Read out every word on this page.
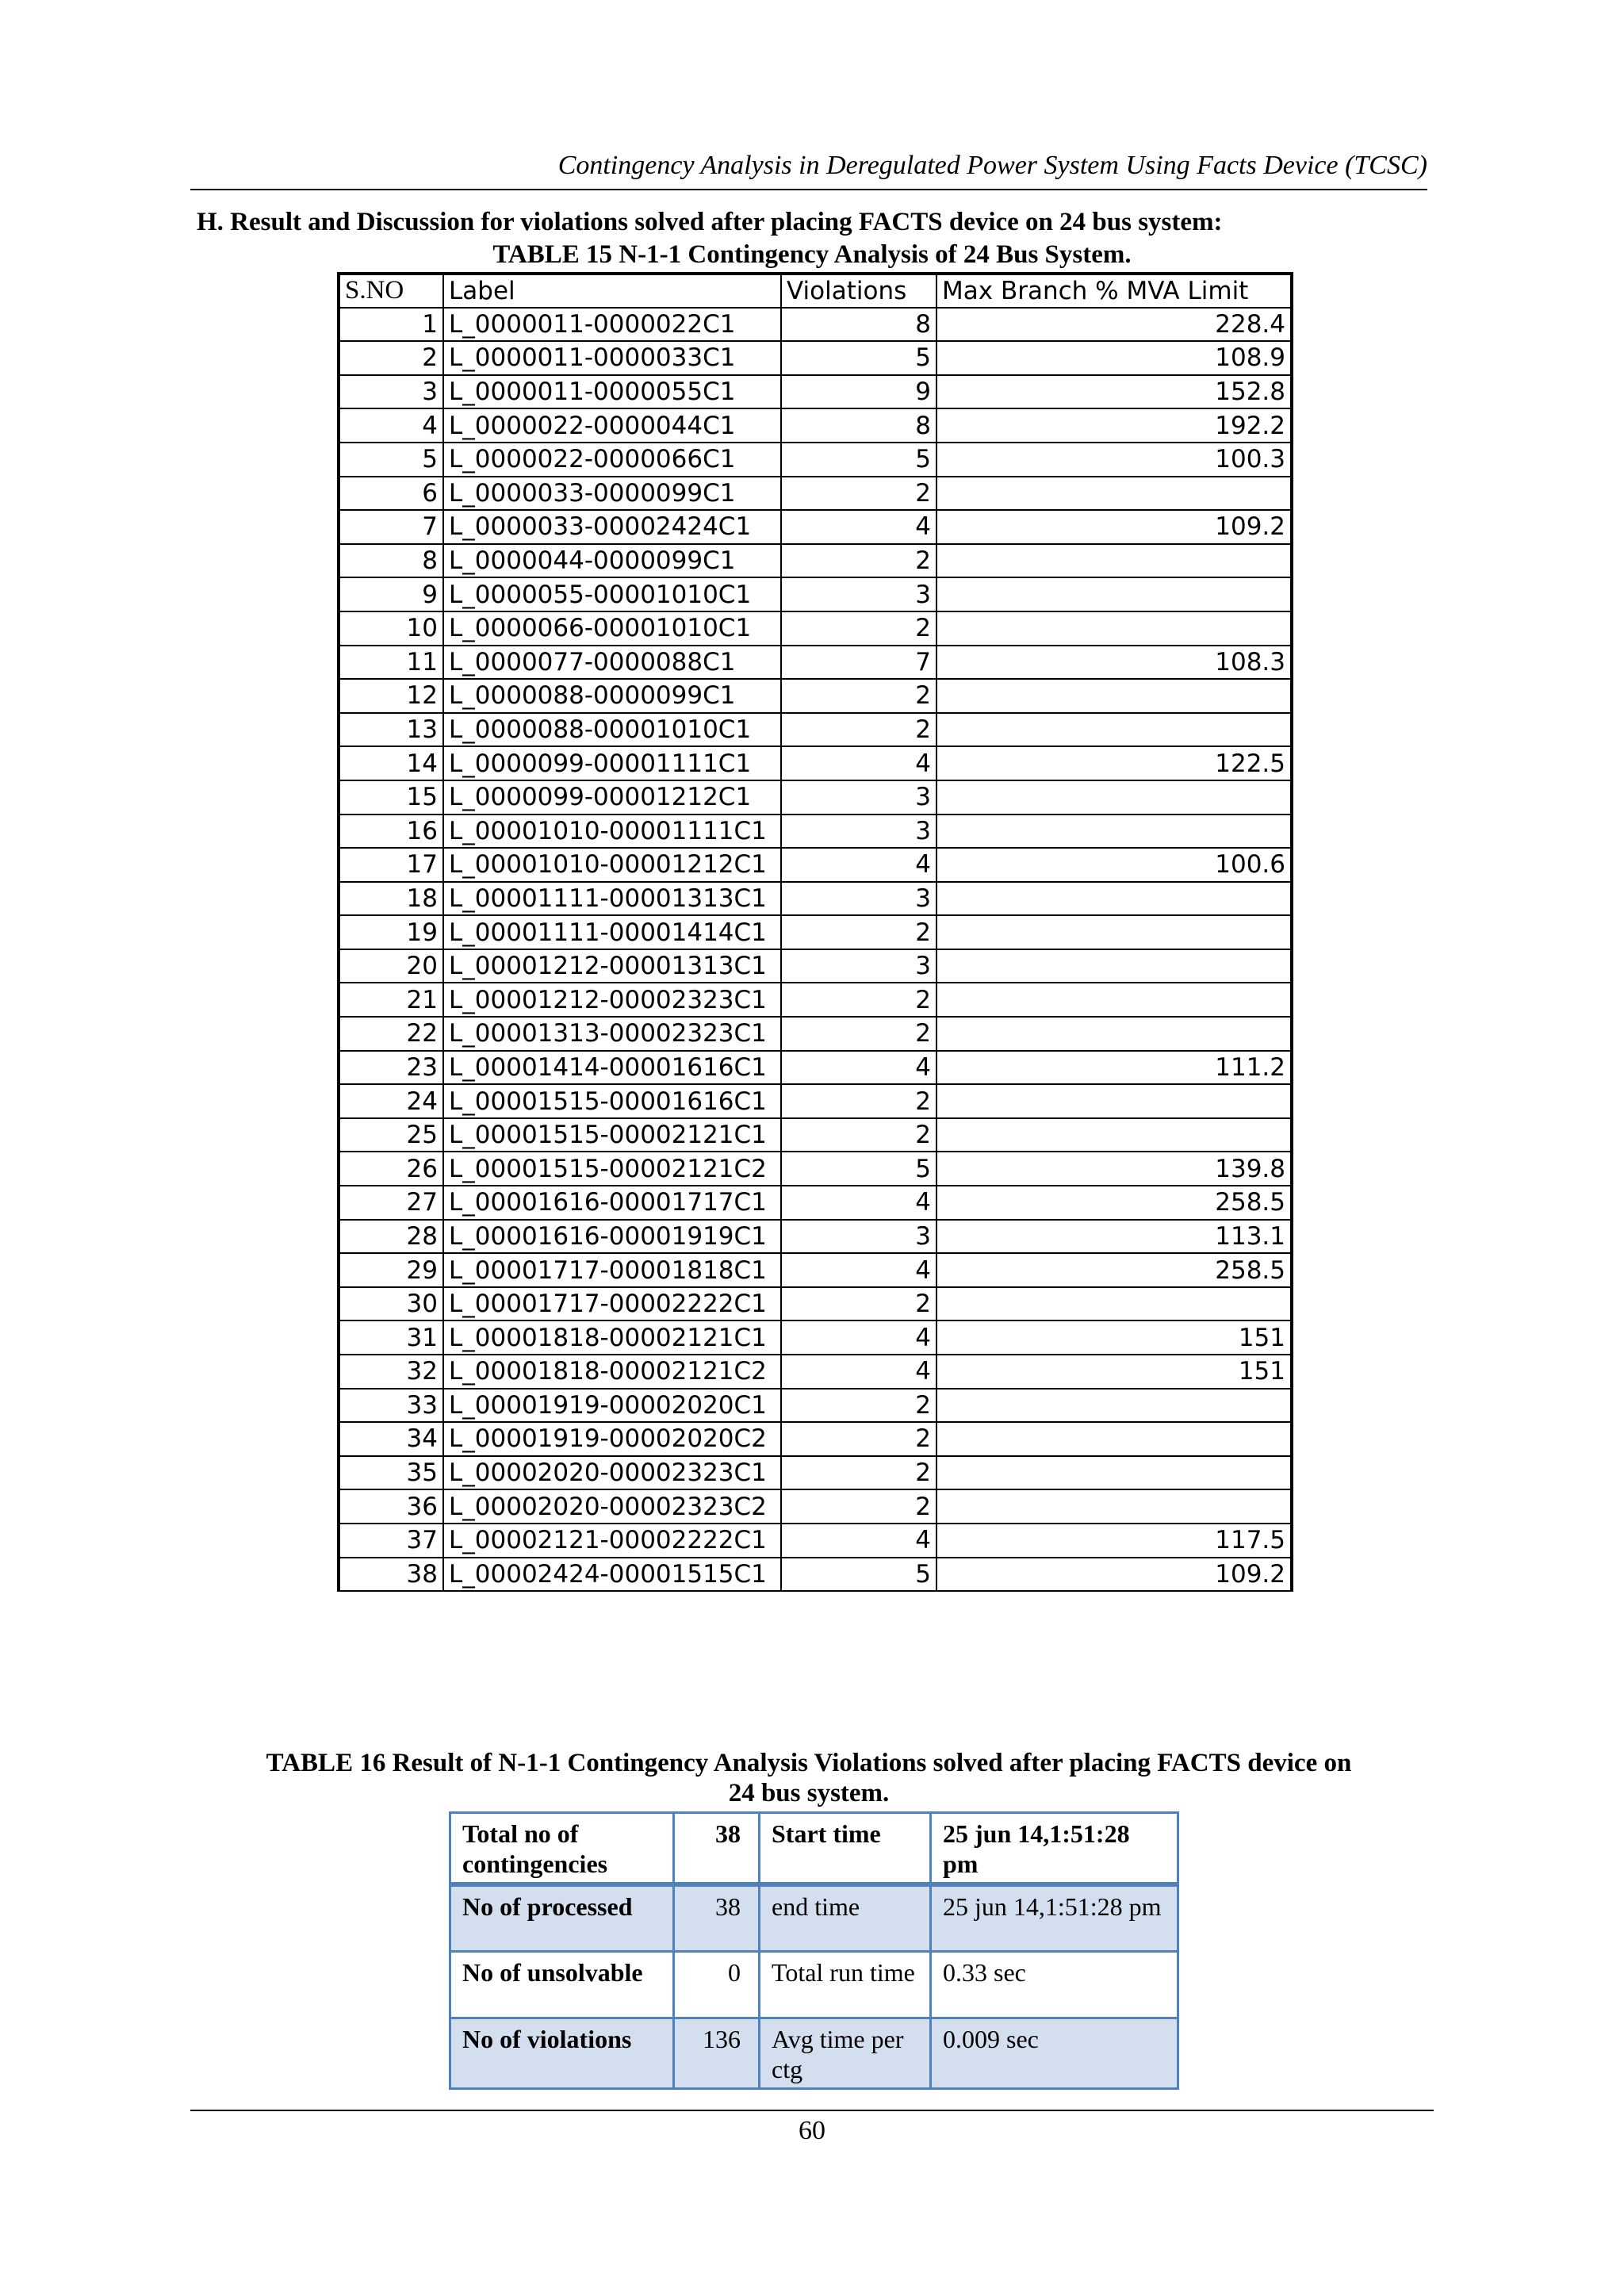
Contingency Analysis in Deregulated Power System Using Facts Device (TCSC)
H. Result and Discussion for violations solved after placing FACTS device on 24 bus system:
TABLE 15 N-1-1 Contingency Analysis of 24 Bus System.
S.NO	Label	Violations	Max Branch % MVA Limit
1	L_0000011-0000022C1	8	228.4
2	L_0000011-0000033C1	5	108.9
3	L_0000011-0000055C1	9	152.8
4	L_0000022-0000044C1	8	192.2
5	L_0000022-0000066C1	5	100.3
6	L_0000033-0000099C1	2	
7	L_0000033-00002424C1	4	109.2
8	L_0000044-0000099C1	2	
9	L_0000055-00001010C1	3	
10	L_0000066-00001010C1	2	
11	L_0000077-0000088C1	7	108.3
12	L_0000088-0000099C1	2	
13	L_0000088-00001010C1	2	
14	L_0000099-00001111C1	4	122.5
15	L_0000099-00001212C1	3	
16	L_00001010-00001111C1	3	
17	L_00001010-00001212C1	4	100.6
18	L_00001111-00001313C1	3	
19	L_00001111-00001414C1	2	
20	L_00001212-00001313C1	3	
21	L_00001212-00002323C1	2	
22	L_00001313-00002323C1	2	
23	L_00001414-00001616C1	4	111.2
24	L_00001515-00001616C1	2	
25	L_00001515-00002121C1	2	
26	L_00001515-00002121C2	5	139.8
27	L_00001616-00001717C1	4	258.5
28	L_00001616-00001919C1	3	113.1
29	L_00001717-00001818C1	4	258.5
30	L_00001717-00002222C1	2	
31	L_00001818-00002121C1	4	151
32	L_00001818-00002121C2	4	151
33	L_00001919-00002020C1	2	
34	L_00001919-00002020C2	2	
35	L_00002020-00002323C1	2	
36	L_00002020-00002323C2	2	
37	L_00002121-00002222C1	4	117.5
38	L_00002424-00001515C1	5	109.2
TABLE 16 Result of N-1-1 Contingency Analysis Violations solved after placing FACTS device on 24 bus system.
Total no of contingencies	38	Start time	25 jun 14,1:51:28 pm
No of processed	38	end time	25 jun 14,1:51:28 pm
No of unsolvable	0	Total run time	0.33 sec
No of violations	136	Avg time per ctg	0.009 sec
60
